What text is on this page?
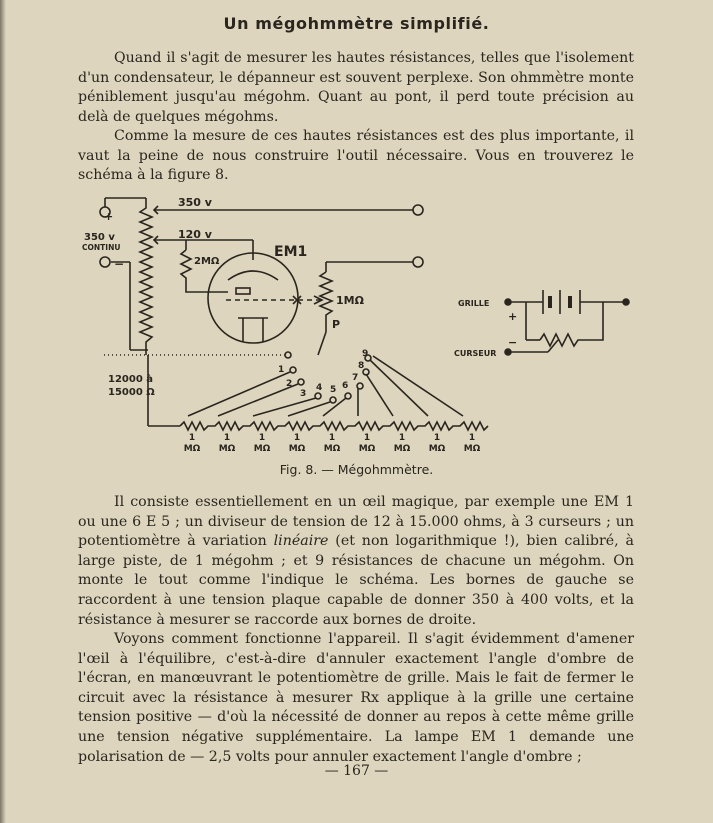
Un mégohmmètre simplifié.

Quand il s'agit de mesurer les hautes résistances, telles que l'isolement d'un condensateur, le dépanneur est souvent perplexe. Son ohmmètre monte péniblement jusqu'au mégohm. Quant au pont, il perd toute précision au delà de quelques mégohms.

Comme la mesure de ces hautes résistances est des plus importante, il vaut la peine de nous construire l'outil nécessaire. Vous en trouverez le schéma à la figure 8.

+
350 v
CONTINU
−
350 v
120 v
2MΩ
EM1
1MΩ
P
12000 à
15000 Ω
GRILLE
CURSEUR
+
−
1
2
3
4 5 6
7
8
9
1	1	1	1	1	1	1	1	1
MΩ MΩ MΩ MΩ MΩ MΩ MΩ MΩ MΩ
Fig. 8. — Mégohmmètre.

Il consiste essentiellement en un œil magique, par exemple une EM 1 ou une 6 E 5 ; un diviseur de tension de 12 à 15.000 ohms, à 3 curseurs ; un potentiomètre à variation linéaire (et non logarithmique !), bien calibré, à large piste, de 1 mégohm ; et 9 résistances de chacune un mégohm. On monte le tout comme l'indique le schéma. Les bornes de gauche se raccordent à une tension plaque capable de donner 350 à 400 volts, et la résistance à mesurer se raccorde aux bornes de droite.

Voyons comment fonctionne l'appareil. Il s'agit évidemment d'amener l'œil à l'équilibre, c'est-à-dire d'annuler exactement l'angle d'ombre de l'écran, en manœuvrant le potentiomètre de grille. Mais le fait de fermer le circuit avec la résistance à mesurer Rx applique à la grille une certaine tension positive — d'où la nécessité de donner au repos à cette même grille une tension négative supplémentaire. La lampe EM 1 demande une polarisation de — 2,5 volts pour annuler exactement l'angle d'ombre ;

— 167 —
